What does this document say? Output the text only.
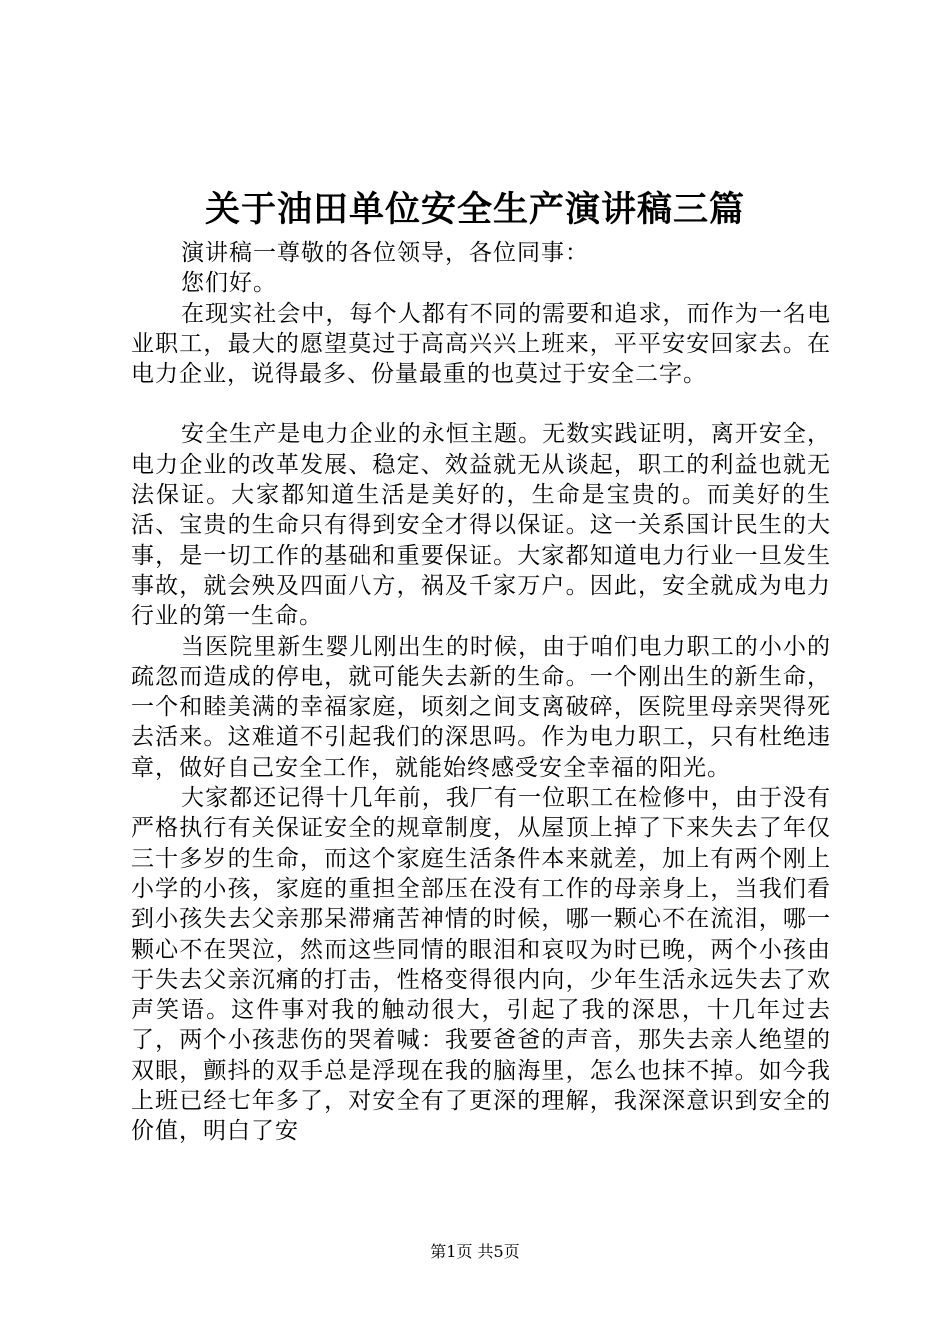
关于油田单位安全生产演讲稿三篇

演讲稿一尊敬的各位领导，各位同事：

您们好。

在现实社会中，每个人都有不同的需要和追求，而作为一名电业职工，最大的愿望莫过于高高兴兴上班来，平平安安回家去。在电力企业，说得最多、份量最重的也莫过于安全二字。

安全生产是电力企业的永恒主题。无数实践证明，离开安全，电力企业的改革发展、稳定、效益就无从谈起，职工的利益也就无法保证。大家都知道生活是美好的，生命是宝贵的。而美好的生活、宝贵的生命只有得到安全才得以保证。这一关系国计民生的大事，是一切工作的基础和重要保证。大家都知道电力行业一旦发生事故，就会殃及四面八方，祸及千家万户。因此，安全就成为电力行业的第一生命。

当医院里新生婴儿刚出生的时候，由于咱们电力职工的小小的疏忽而造成的停电，就可能失去新的生命。一个刚出生的新生命，一个和睦美满的幸福家庭，顷刻之间支离破碎，医院里母亲哭得死去活来。这难道不引起我们的深思吗。作为电力职工，只有杜绝违章，做好自己安全工作，就能始终感受安全幸福的阳光。

大家都还记得十几年前，我厂有一位职工在检修中，由于没有严格执行有关保证安全的规章制度，从屋顶上掉了下来失去了年仅三十多岁的生命，而这个家庭生活条件本来就差，加上有两个刚上小学的小孩，家庭的重担全部压在没有工作的母亲身上，当我们看到小孩失去父亲那呆滞痛苦神情的时候，哪一颗心不在流泪，哪一颗心不在哭泣，然而这些同情的眼泪和哀叹为时已晚，两个小孩由于失去父亲沉痛的打击，性格变得很内向，少年生活永远失去了欢声笑语。这件事对我的触动很大，引起了我的深思，十几年过去了，两个小孩悲伤的哭着喊：我要爸爸的声音，那失去亲人绝望的双眼，颤抖的双手总是浮现在我的脑海里，怎么也抹不掉。如今我上班已经七年多了，对安全有了更深的理解，我深深意识到安全的价值，明白了安

第1页 共5页
